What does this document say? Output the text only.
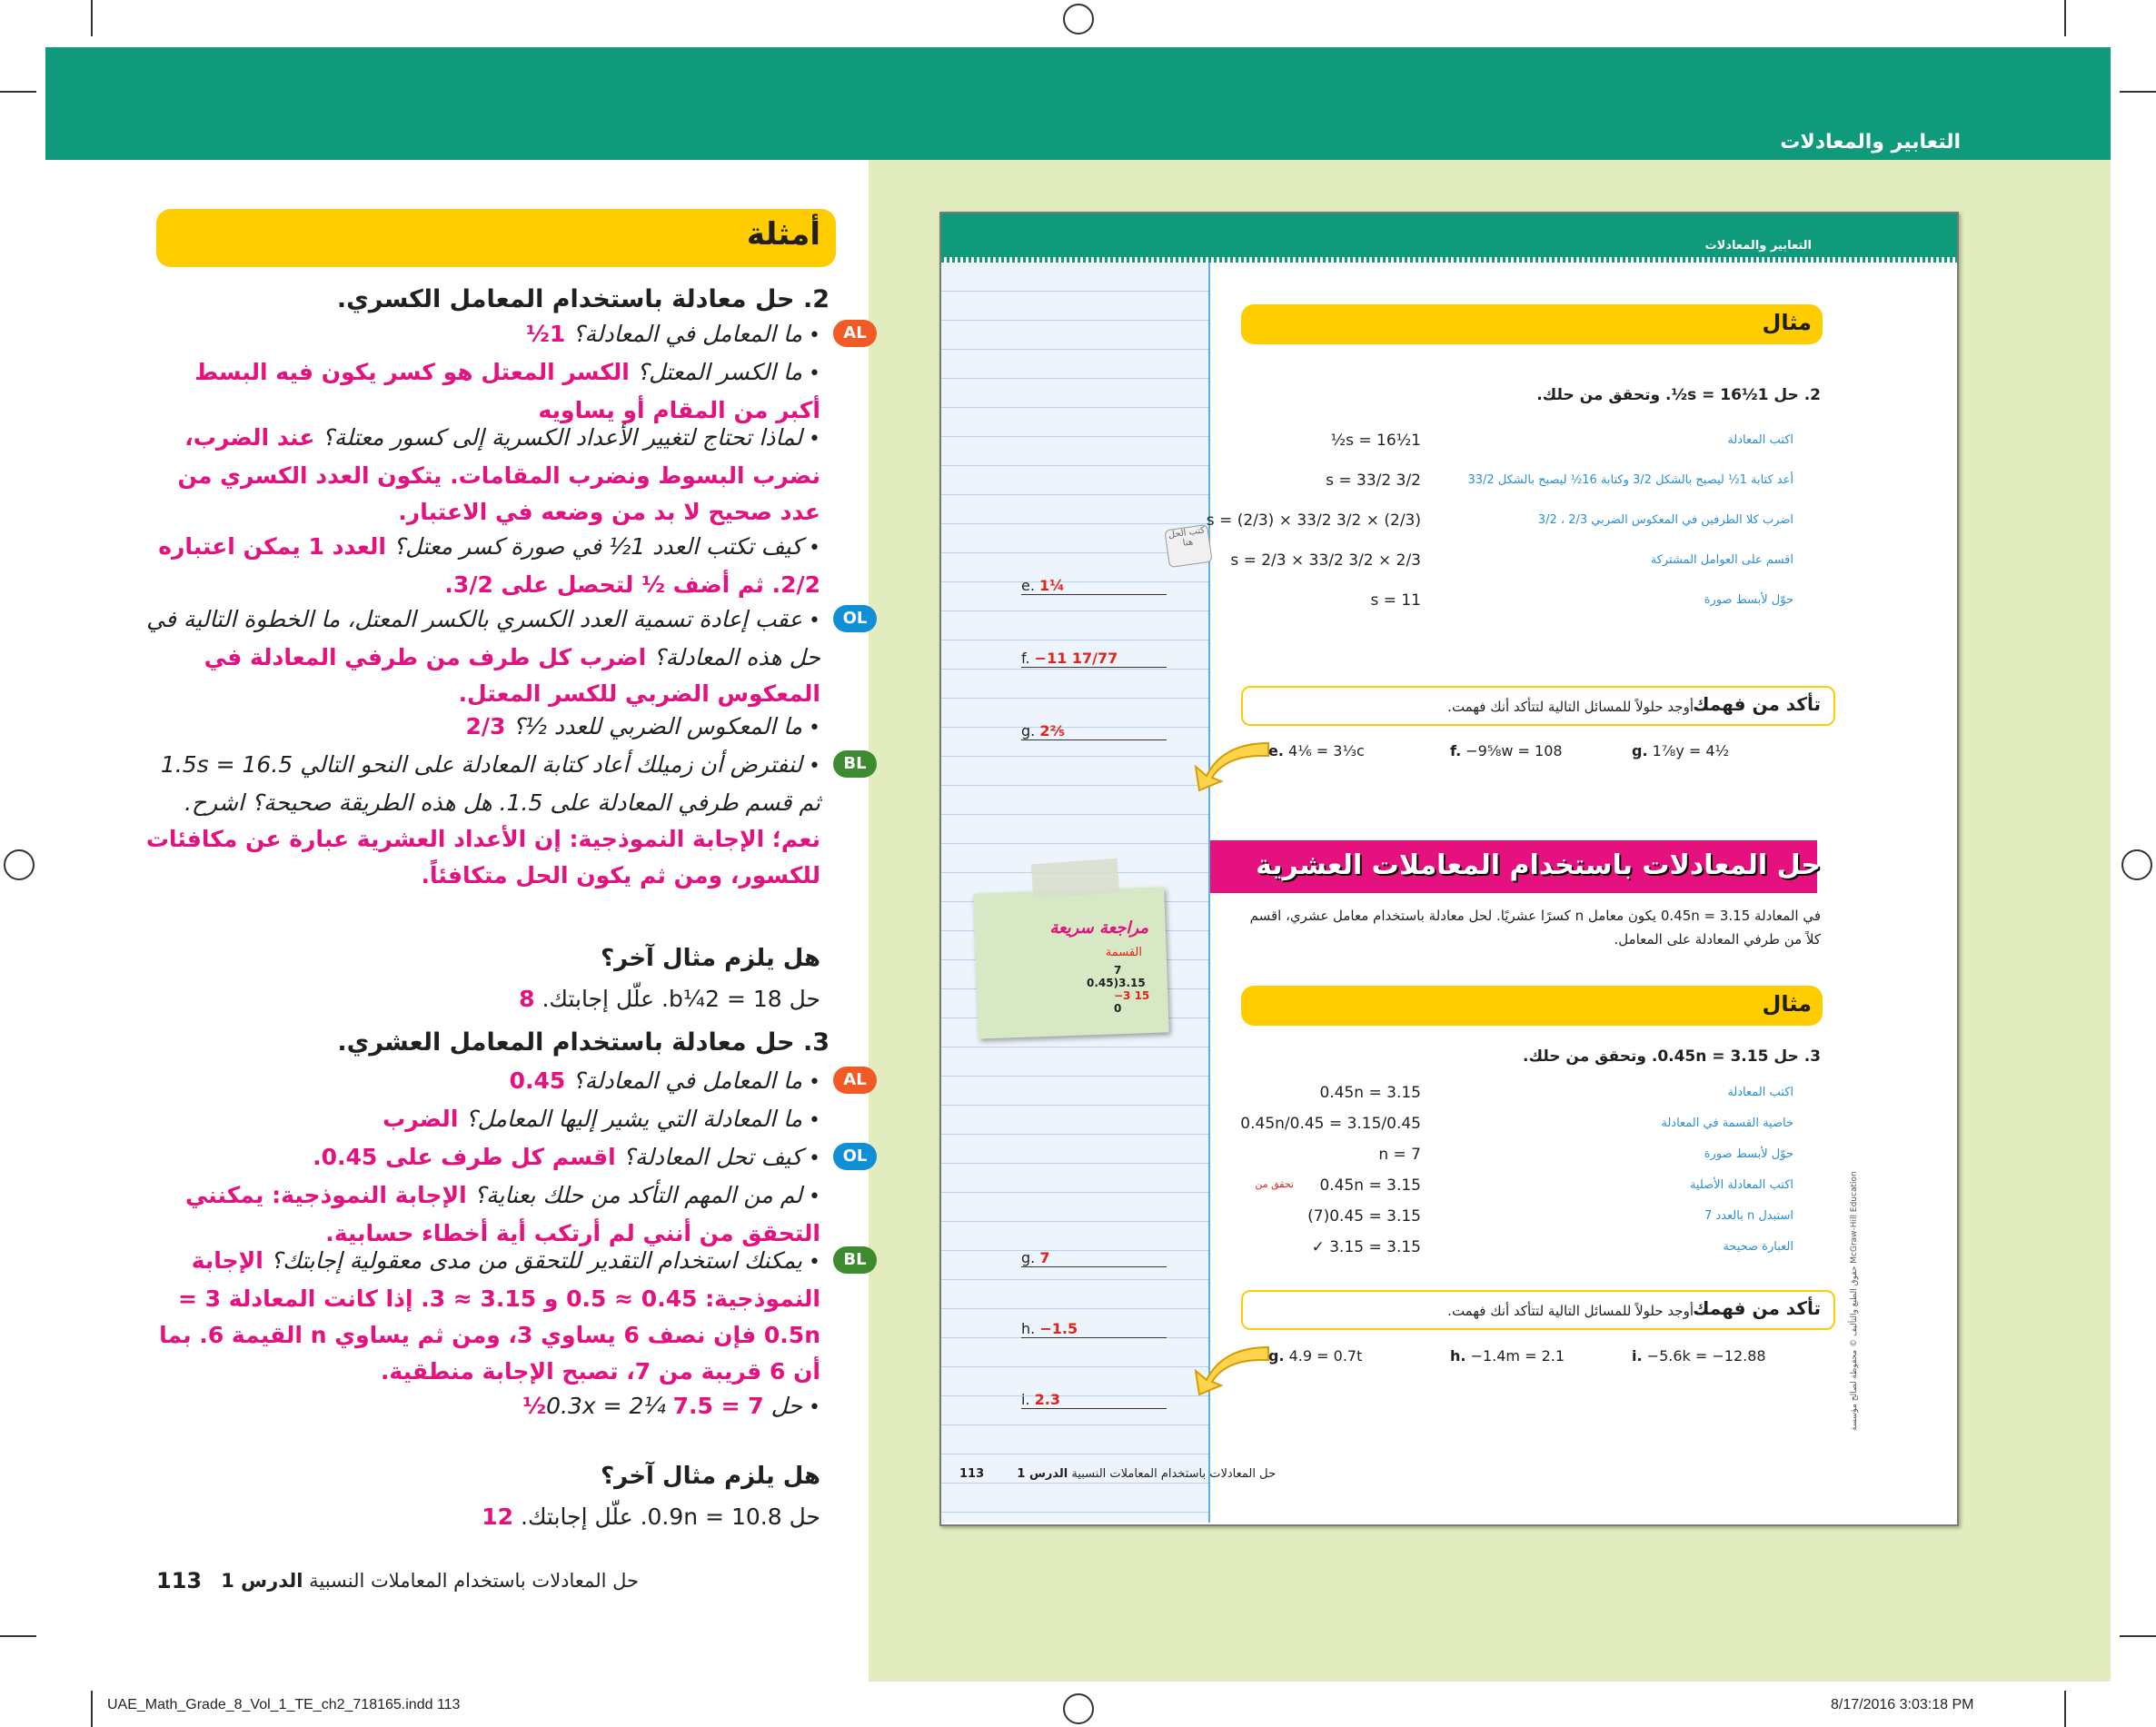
التعابير والمعادلات
التعابير والمعادلات
مثال
2. حل 1½s = 16½. وتحقق من حلك.
تأكد من فهمك
أوجد حلولاً للمسائل التالية لتتأكد أنك فهمت.
كتب الحل هنا
حل المعادلات باستخدام المعاملات العشرية
في المعادلة 3.15 = 0.45n يكون معامل n كسرًا عشريًا. لحل معادلة باستخدام معامل عشري، اقسم كلاً من طرفي المعادلة على المعامل.
مراجعة سريعة
القسمة
مثال
3. حل 3.15 = 0.45n. وتحقق من حلك.
تأكد من فهمك
أوجد حلولاً للمسائل التالية لتتأكد أنك فهمت.
حل المعادلات باستخدام المعاملات النسبية الدرس 1
113
حقوق الطبع والتأليف © محفوظة لصالح مؤسسة McGraw-Hill Education
1½s = 16½	اكتب المعادلة
3/2 s = 33/2	أعد كتابة 1½ ليصبح بالشكل 3/2 وكتابة 16½ ليصبح بالشكل 33/2
(2/3) × 3/2 s = (2/3) × 33/2	اضرب كلا الطرفين في المعكوس الضربي 2/3 ، 3/2
2/3 × 3/2 s = 2/3 × 33/2	اقسم على العوامل المشتركة
s = 11	حوّل لأبسط صورة
3.15 = 0.45n	اكتب المعادلة
3.15/0.45 = 0.45n/0.45	خاصية القسمة في المعادلة
7 = n	حوّل لأبسط صورة
3.15 = 0.45n	اكتب المعادلة الأصلية
تحقق من
3.15 = 0.45(7)	استبدل n بالعدد 7
3.15 = 3.15 ✓	العبارة صحيحة
e. 4⅙ = 3⅓c	f. −9⅝w = 108	g. 1⅞y = 4½
g. 4.9 = 0.7t	h. −1.4m = 2.1	i. −5.6k = −12.88
e. 1¼
f. −11 17/77
g. 2⅖
g. 7
h. −1.5
i. 2.3
7
0.45)3.15
−3 15
0
أمثلة
2. حل معادلة باستخدام المعامل الكسري.
AL
• ما المعامل في المعادلة؟ 1½
• ما الكسر المعتل؟ الكسر المعتل هو كسر يكون فيه البسط أكبر من المقام أو يساويه
• لماذا تحتاج لتغيير الأعداد الكسرية إلى كسور معتلة؟ عند الضرب، نضرب البسوط ونضرب المقامات. يتكون العدد الكسري من عدد صحيح لا بد من وضعه في الاعتبار.
• كيف تكتب العدد 1½ في صورة كسر معتل؟ العدد 1 يمكن اعتباره 2/2. ثم أضف ½ لتحصل على 3/2.
OL
• عقب إعادة تسمية العدد الكسري بالكسر المعتل، ما الخطوة التالية في حل هذه المعادلة؟ اضرب كل طرف من طرفي المعادلة في المعكوس الضربي للكسر المعتل.
• ما المعكوس الضربي للعدد ½؟ 2/3
BL
• لنفترض أن زميلك أعاد كتابة المعادلة على النحو التالي 1.5s = 16.5 ثم قسم طرفي المعادلة على 1.5. هل هذه الطريقة صحيحة؟ اشرح. نعم؛ الإجابة النموذجية: إن الأعداد العشرية عبارة عن مكافئات للكسور، ومن ثم يكون الحل متكافئاً.
هل يلزم مثال آخر؟
حل 18 = 2¼b. علّل إجابتك. 8
3. حل معادلة باستخدام المعامل العشري.
AL
• ما المعامل في المعادلة؟ 0.45
• ما المعادلة التي يشير إليها المعامل؟ الضرب
OL
• كيف تحل المعادلة؟ اقسم كل طرف على 0.45.
• لم من المهم التأكد من حلك بعناية؟ الإجابة النموذجية: يمكنني التحقق من أنني لم أرتكب أية أخطاء حسابية.
BL
• يمكنك استخدام التقدير للتحقق من مدى معقولية إجابتك؟ الإجابة النموذجية: 0.45 ≈ 0.5 و 3.15 ≈ 3. إذا كانت المعادلة 3 = 0.5n فإن نصف 6 يساوي 3، ومن ثم يساوي n القيمة 6. بما أن 6 قريبة من 7، تصبح الإجابة منطقية.
• حل 0.3x = 2¼ 7.5 = 7½
هل يلزم مثال آخر؟
حل 10.8 = 0.9n. علّل إجابتك. 12
حل المعادلات باستخدام المعاملات النسبية الدرس 1
113
UAE_Math_Grade_8_Vol_1_TE_ch2_718165.indd 113	8/17/2016 3:03:18 PM
